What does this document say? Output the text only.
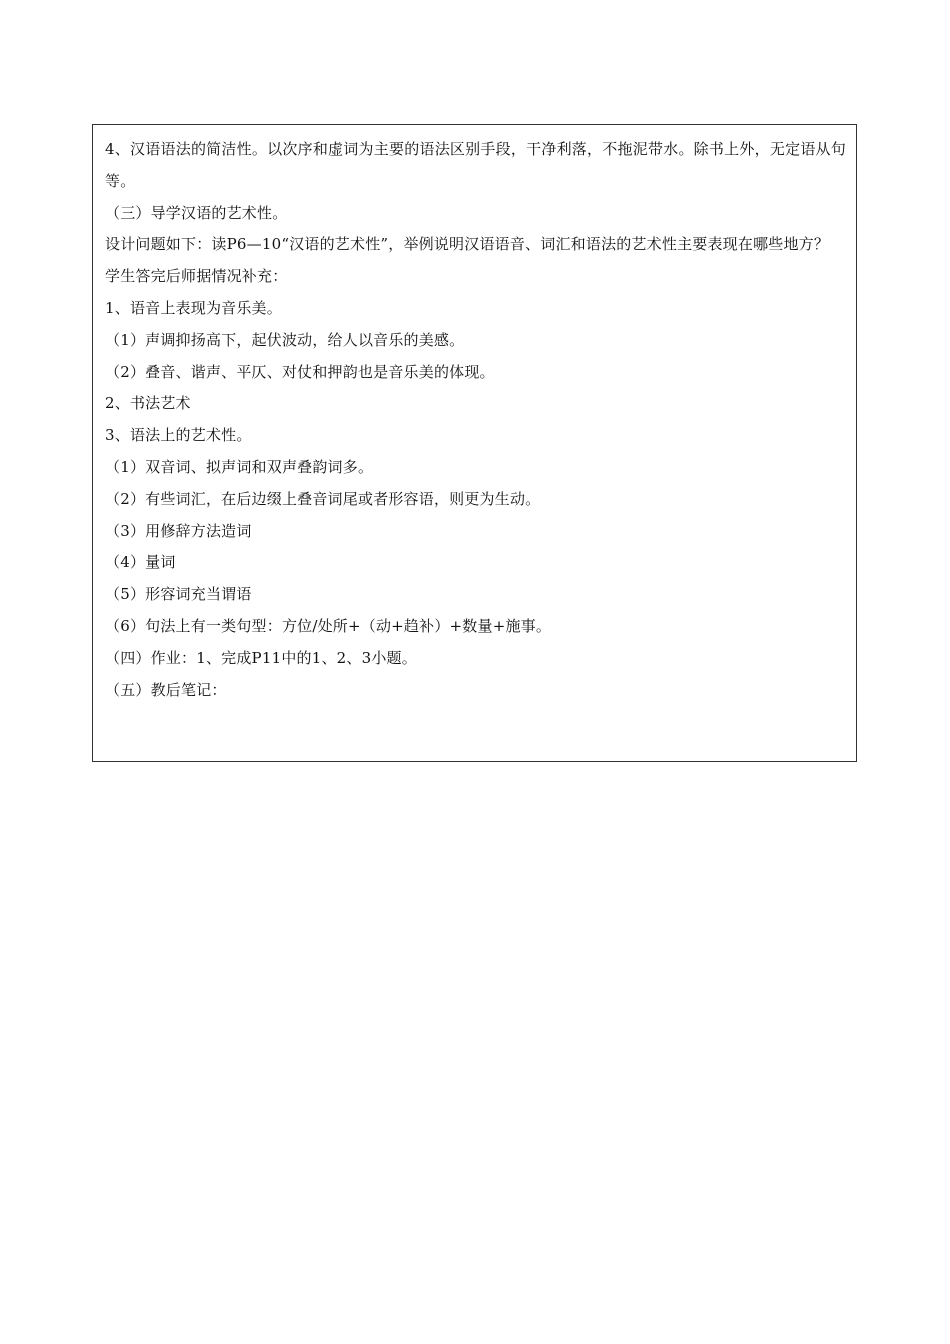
4、汉语语法的简洁性。以次序和虚词为主要的语法区别手段，干净利落，不拖泥带水。除书上外，无定语从句等。
（三）导学汉语的艺术性。
设计问题如下：读P6—10“汉语的艺术性”，举例说明汉语语音、词汇和语法的艺术性主要表现在哪些地方？
学生答完后师据情况补充：
1、语音上表现为音乐美。
（1）声调抑扬高下，起伏波动，给人以音乐的美感。
（2）叠音、谐声、平仄、对仗和押韵也是音乐美的体现。
2、书法艺术
3、语法上的艺术性。
（1）双音词、拟声词和双声叠韵词多。
（2）有些词汇，在后边缀上叠音词尾或者形容语，则更为生动。
（3）用修辞方法造词
（4）量词
（5）形容词充当谓语
（6）句法上有一类句型：方位/处所+（动+趋补）+数量+施事。
（四）作业：1、完成P11中的1、2、3小题。
（五）教后笔记：
